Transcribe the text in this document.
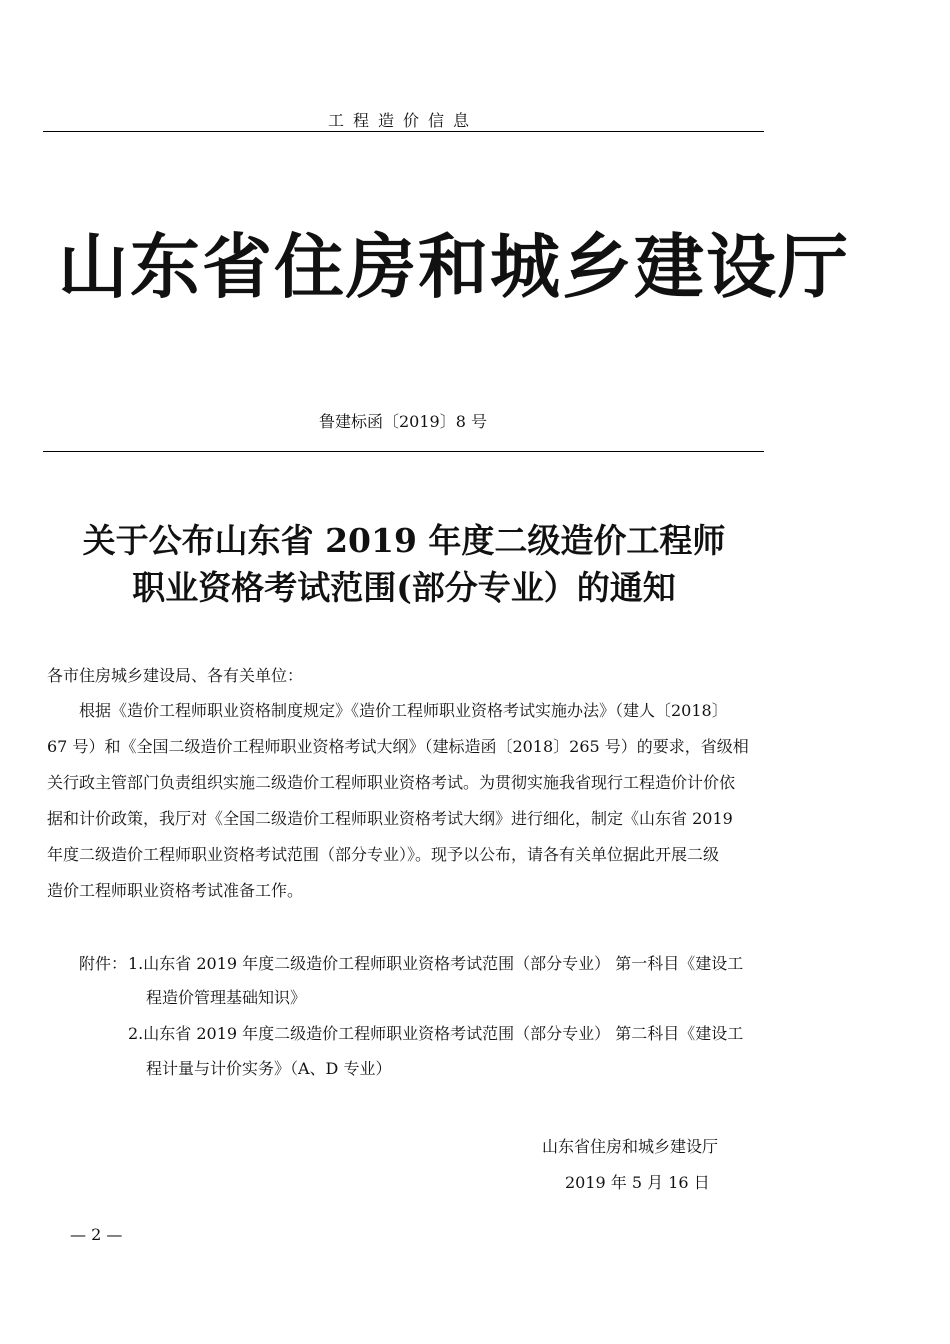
工程造价信息
山东省住房和城乡建设厅
鲁建标函〔2019〕8 号
关于公布山东省 2019 年度二级造价工程师
职业资格考试范围(部分专业）的通知
各市住房城乡建设局、各有关单位：
根据《造价工程师职业资格制度规定》《造价工程师职业资格考试实施办法》（建人〔2018〕
67 号）和《全国二级造价工程师职业资格考试大纲》（建标造函〔2018〕265 号）的要求，省级相
关行政主管部门负责组织实施二级造价工程师职业资格考试。为贯彻实施我省现行工程造价计价依
据和计价政策，我厅对《全国二级造价工程师职业资格考试大纲》进行细化，制定《山东省 2019
年度二级造价工程师职业资格考试范围（部分专业）》。现予以公布，请各有关单位据此开展二级
造价工程师职业资格考试准备工作。
附件： 1.山东省 2019 年度二级造价工程师职业资格考试范围（部分专业） 第一科目《建设工
程造价管理基础知识》
2.山东省 2019 年度二级造价工程师职业资格考试范围（部分专业） 第二科目《建设工
程计量与计价实务》（A、D 专业）
山东省住房和城乡建设厅
2019 年 5 月 16 日
— 2 —
